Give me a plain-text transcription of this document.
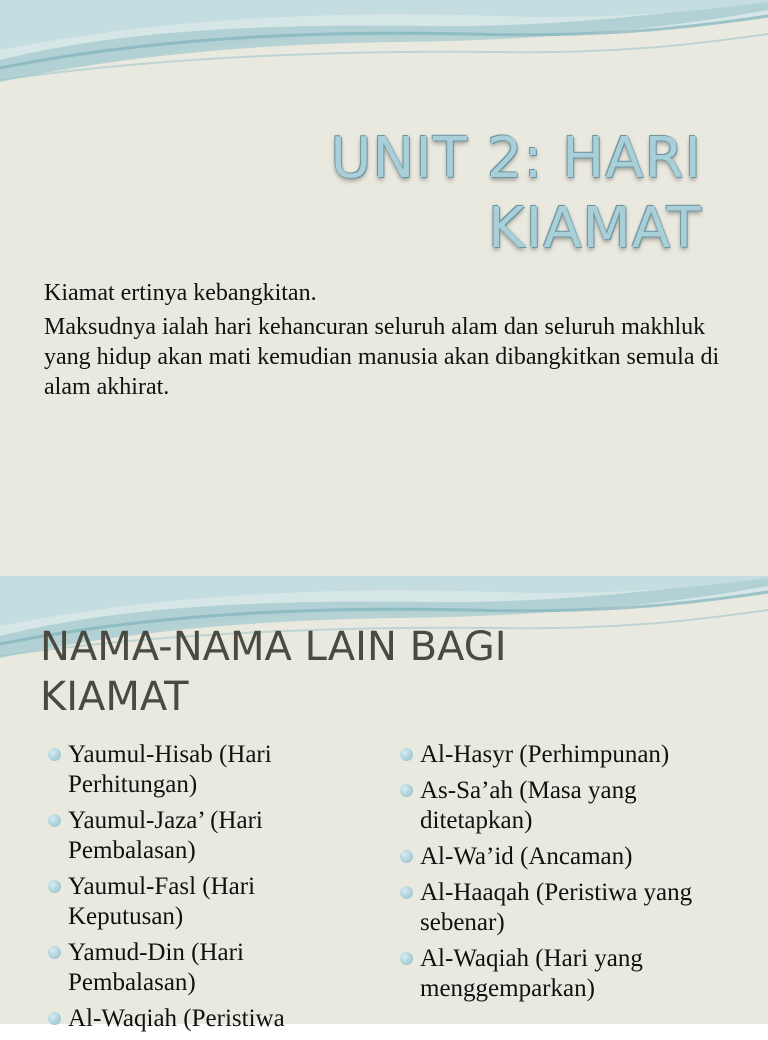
UNIT 2: HARI
KIAMAT

Kiamat ertinya kebangkitan.

Maksudnya ialah hari kehancuran seluruh alam dan seluruh makhluk yang hidup akan mati kemudian manusia akan dibangkitkan semula di alam akhirat.

NAMA-NAMA LAIN BAGI
KIAMAT
Yaumul-Hisab (Hari Perhitungan)
Yaumul-Jaza’ (Hari Pembalasan)
Yaumul-Fasl (Hari Keputusan)
Yamud-Din (Hari Pembalasan)
Al-Waqiah (Peristiwa
Al-Hasyr (Perhimpunan)
As-Sa’ah (Masa yang ditetapkan)
Al-Wa’id (Ancaman)
Al-Haaqah (Peristiwa yang sebenar)
Al-Waqiah (Hari yang menggemparkan)
